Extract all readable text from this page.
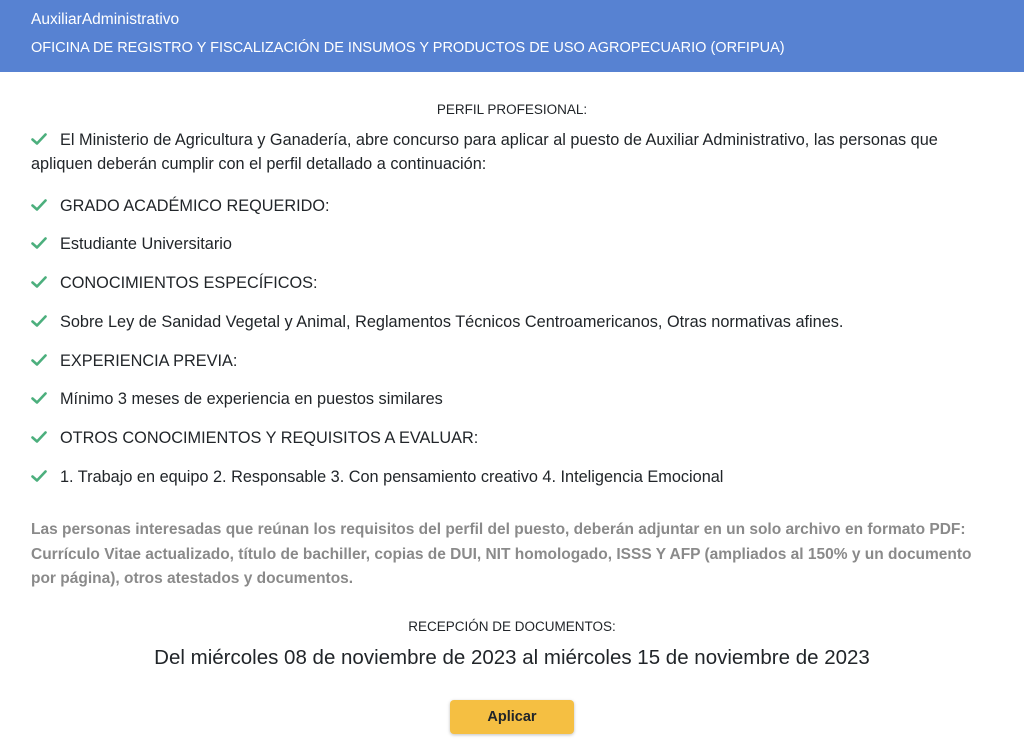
AuxiliarAdministrativo
OFICINA DE REGISTRO Y FISCALIZACIÓN DE INSUMOS Y PRODUCTOS DE USO AGROPECUARIO (ORFIPUA)
PERFIL PROFESIONAL:
El Ministerio de Agricultura y Ganadería, abre concurso para aplicar al puesto de Auxiliar Administrativo, las personas que apliquen deberán cumplir con el perfil detallado a continuación:
GRADO ACADÉMICO REQUERIDO:
Estudiante Universitario
CONOCIMIENTOS ESPECÍFICOS:
Sobre Ley de Sanidad Vegetal y Animal, Reglamentos Técnicos Centroamericanos, Otras normativas afines.
EXPERIENCIA PREVIA:
Mínimo 3 meses de experiencia en puestos similares
OTROS CONOCIMIENTOS Y REQUISITOS A EVALUAR:
1. Trabajo en equipo 2. Responsable 3. Con pensamiento creativo 4. Inteligencia Emocional
Las personas interesadas que reúnan los requisitos del perfil del puesto, deberán adjuntar en un solo archivo en formato PDF: Currículo Vitae actualizado, título de bachiller, copias de DUI, NIT homologado, ISSS Y AFP (ampliados al 150% y un documento por página), otros atestados y documentos.
RECEPCIÓN DE DOCUMENTOS:
Del miércoles 08 de noviembre de 2023 al miércoles 15 de noviembre de 2023
Aplicar
